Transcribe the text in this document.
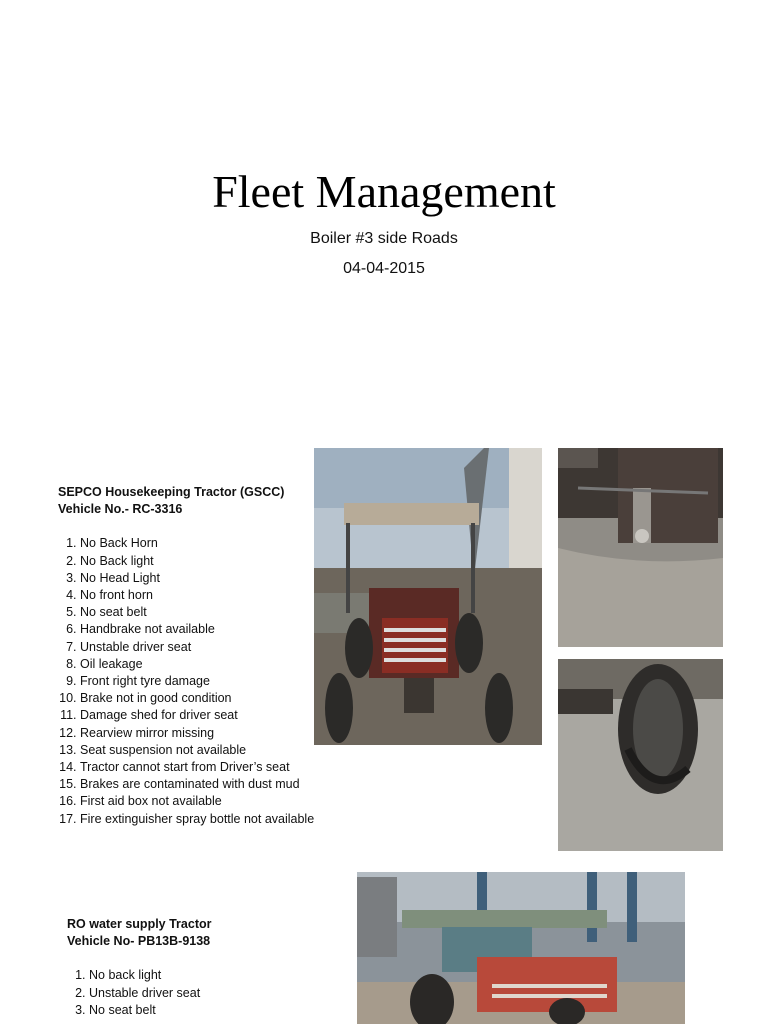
Fleet Management
Boiler #3 side Roads
04-04-2015
SEPCO Housekeeping Tractor (GSCC)
Vehicle No.- RC-3316
1. No Back Horn
2. No Back light
3. No Head Light
4. No front horn
5. No seat belt
6. Handbrake not available
7. Unstable driver seat
8. Oil leakage
9. Front right tyre damage
10. Brake not in good condition
11. Damage shed for driver seat
12. Rearview mirror missing
13. Seat suspension not available
14. Tractor cannot start from Driver’s seat
15. Brakes are contaminated with dust mud
16. First aid box not available
17. Fire extinguisher spray bottle not available
RO water supply Tractor
Vehicle No- PB13B-9138
1. No back light
2. Unstable driver seat
3. No seat belt
